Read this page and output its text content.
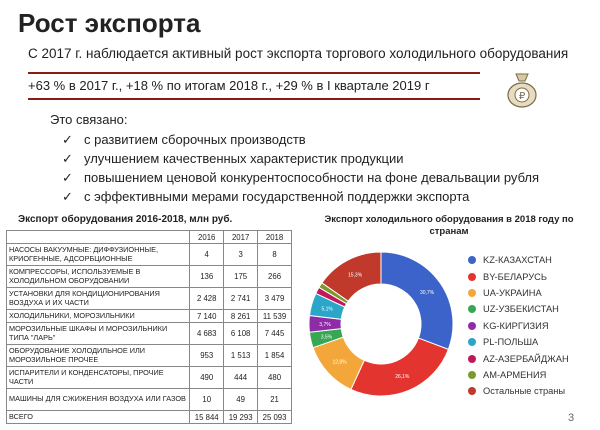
Рост экспорта
С 2017 г. наблюдается активный рост экспорта торгового холодильного оборудования
+63 % в 2017 г., +18 % по итогам 2018 г., +29 % в I квартале 2019 г
₽
Это связано:
✓ с развитием сборочных производств
✓ улучшением качественных характеристик продукции
✓ повышением ценовой конкурентоспособности на фоне девальвации рубля
✓ с эффективными мерами государственной поддержки экспорта
Экспорт оборудования 2016-2018, млн руб.
	2016	2017	2018
НАСОСЫ ВАКУУМНЫЕ: ДИФФУЗИОННЫЕ, КРИОГЕННЫЕ, АДСОРБЦИОННЫЕ	4	3	8
КОМПРЕССОРЫ, ИСПОЛЬЗУЕМЫЕ В ХОЛОДИЛЬНОМ ОБОРУДОВАНИИ	136	175	266
УСТАНОВКИ ДЛЯ КОНДИЦИОНИРОВАНИЯ ВОЗДУХА И ИХ ЧАСТИ	2 428	2 741	3 479
ХОЛОДИЛЬНИКИ, МОРОЗИЛЬНИКИ	7 140	8 261	11 539
МОРОЗИЛЬНЫЕ ШКАФЫ И МОРОЗИЛЬНИКИ ТИПА "ЛАРЬ"	4 683	6 108	7 445
ОБОРУДОВАНИЕ ХОЛОДИЛЬНОЕ ИЛИ МОРОЗИЛЬНОЕ ПРОЧЕЕ	953	1 513	1 854
ИСПАРИТЕЛИ И КОНДЕНСАТОРЫ, ПРОЧИЕ ЧАСТИ	490	444	480
МАШИНЫ ДЛЯ СЖИЖЕНИЯ ВОЗДУХА ИЛИ ГАЗОВ	10	49	21
ВСЕГО	15 844	19 293	25 093
Экспорт холодильного оборудования в 2018 году по странам
30,7%
26,1%
12,8%
3,5%
3,7%
5,1%
15,3%
KZ-КАЗАХСТАН
BY-БЕЛАРУСЬ
UA-УКРАИНА
UZ-УЗБЕКИСТАН
KG-КИРГИЗИЯ
PL-ПОЛЬША
AZ-АЗЕРБАЙДЖАН
AM-АРМЕНИЯ
Остальные страны
3
